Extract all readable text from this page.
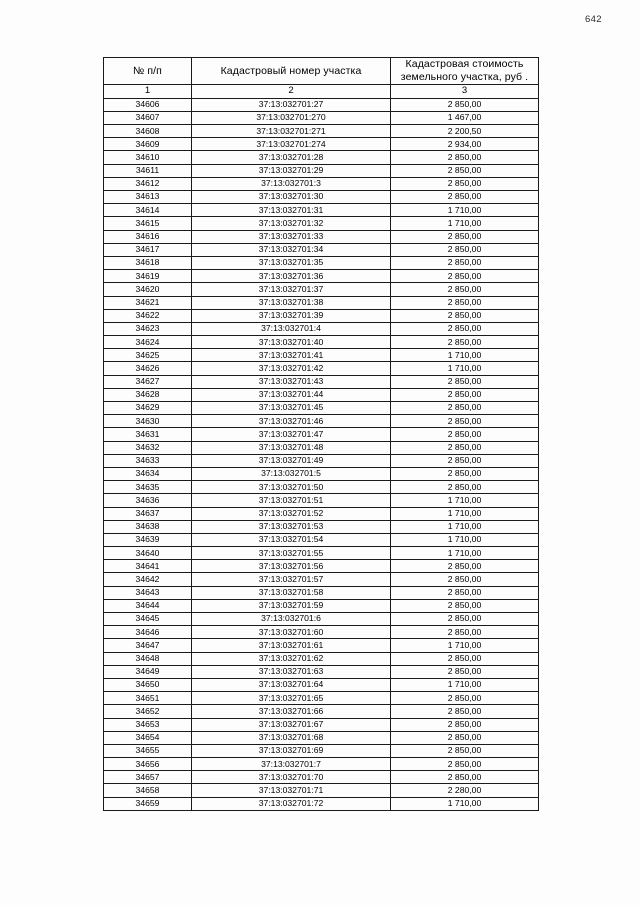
642
№ п/п	Кадастровый номер участка	Кадастровая стоимость
земельного участка, руб .

1	2	3
34606	37:13:032701:27	2 850,00
34607	37:13:032701:270	1 467,00
34608	37:13:032701:271	2 200,50
34609	37:13:032701:274	2 934,00
34610	37:13:032701:28	2 850,00
34611	37:13:032701:29	2 850,00
34612	37:13:032701:3	2 850,00
34613	37:13:032701:30	2 850,00
34614	37:13:032701:31	1 710,00
34615	37:13:032701:32	1 710,00
34616	37:13:032701:33	2 850,00
34617	37:13:032701:34	2 850,00
34618	37:13:032701:35	2 850,00
34619	37:13:032701:36	2 850,00
34620	37:13:032701:37	2 850,00
34621	37:13:032701:38	2 850,00
34622	37:13:032701:39	2 850,00
34623	37:13:032701:4	2 850,00
34624	37:13:032701:40	2 850,00
34625	37:13:032701:41	1 710,00
34626	37:13:032701:42	1 710,00
34627	37:13:032701:43	2 850,00
34628	37:13:032701:44	2 850,00
34629	37:13:032701:45	2 850,00
34630	37:13:032701:46	2 850,00
34631	37:13:032701:47	2 850,00
34632	37:13:032701:48	2 850,00
34633	37:13:032701:49	2 850,00
34634	37:13:032701:5	2 850,00
34635	37:13:032701:50	2 850,00
34636	37:13:032701:51	1 710,00
34637	37:13:032701:52	1 710,00
34638	37:13:032701:53	1 710,00
34639	37:13:032701:54	1 710,00
34640	37:13:032701:55	1 710,00
34641	37:13:032701:56	2 850,00
34642	37:13:032701:57	2 850,00
34643	37:13:032701:58	2 850,00
34644	37:13:032701:59	2 850,00
34645	37:13:032701:6	2 850,00
34646	37:13:032701:60	2 850,00
34647	37:13:032701:61	1 710,00
34648	37:13:032701:62	2 850,00
34649	37:13:032701:63	2 850,00
34650	37:13:032701:64	1 710,00
34651	37:13:032701:65	2 850,00
34652	37:13:032701:66	2 850,00
34653	37:13:032701:67	2 850,00
34654	37:13:032701:68	2 850,00
34655	37:13:032701:69	2 850,00
34656	37:13:032701:7	2 850,00
34657	37:13:032701:70	2 850,00
34658	37:13:032701:71	2 280,00
34659	37:13:032701:72	1 710,00
